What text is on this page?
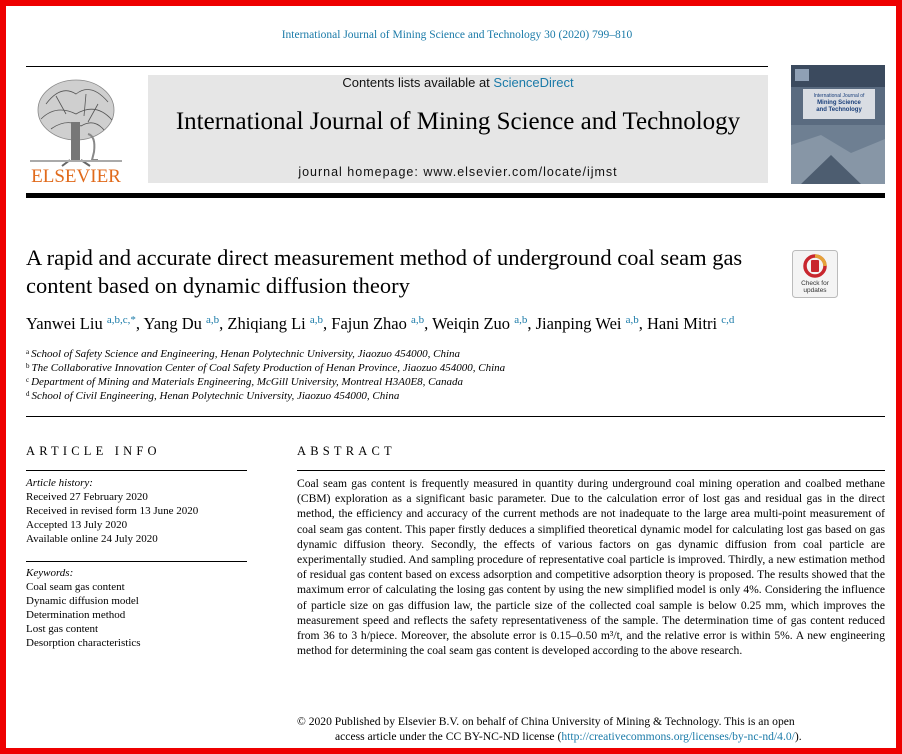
International Journal of Mining Science and Technology 30 (2020) 799–810
ELSEVIER
Contents lists available at ScienceDirect
International Journal of Mining Science and Technology
journal homepage: www.elsevier.com/locate/ijmst
International Journal of
Mining Science
and Technology
A rapid and accurate direct measurement method of underground coal seam gas content based on dynamic diffusion theory	Check for
updates
Yanwei Liu $^{a,b,c,*}$, Yang Du $^{a,b}$, Zhiqiang Li $^{a,b}$, Fajun Zhao $^{a,b}$, Weiqin Zuo $^{a,b}$, Jianping Wei $^{a,b}$, Hani Mitri $^{c,d}$
$^a$ School of Safety Science and Engineering, Henan Polytechnic University, Jiaozuo 454000, China
$^b$ The Collaborative Innovation Center of Coal Safety Production of Henan Province, Jiaozuo 454000, China
$^c$ Department of Mining and Materials Engineering, McGill University, Montreal H3A0E8, Canada
$^d$ School of Civil Engineering, Henan Polytechnic University, Jiaozuo 454000, China
ARTICLE INFO
Article history:
Received 27 February 2020
Received in revised form 13 June 2020
Accepted 13 July 2020
Available online 24 July 2020
Keywords:
Coal seam gas content
Dynamic diffusion model
Determination method
Lost gas content
Desorption characteristics
ABSTRACT
Coal seam gas content is frequently measured in quantity during underground coal mining operation and coalbed methane (CBM) exploration as a significant basic parameter. Due to the calculation error of lost gas and residual gas in the direct method, the efficiency and accuracy of the current methods are not inadequate to the large area multi-point measurement of coal seam gas content. This paper firstly deduces a simplified theoretical dynamic model for calculating lost gas based on gas dynamic diffusion theory. Secondly, the effects of various factors on gas dynamic diffusion from coal particle are experimentally studied. And sampling procedure of representative coal particle is improved. Thirdly, a new estimation method of residual gas content based on excess adsorption and competitive adsorption theory is proposed. The results showed that the maximum error of calculating the losing gas content by using the new simplified model is only 4%. Considering the influence of particle size on gas diffusion law, the particle size of the collected coal sample is below 0.25 mm, which improves the measurement speed and reflects the safety representativeness of the sample. The determination time of gas content reduced from 36 to 3 h/piece. Moreover, the absolute error is 0.15–0.50 m³/t, and the relative error is within 5%. A new engineering method for determining the coal seam gas content is developed according to the above research.
© 2020 Published by Elsevier B.V. on behalf of China University of Mining & Technology. This is an open
access article under the CC BY-NC-ND license (http://creativecommons.org/licenses/by-nc-nd/4.0/).
